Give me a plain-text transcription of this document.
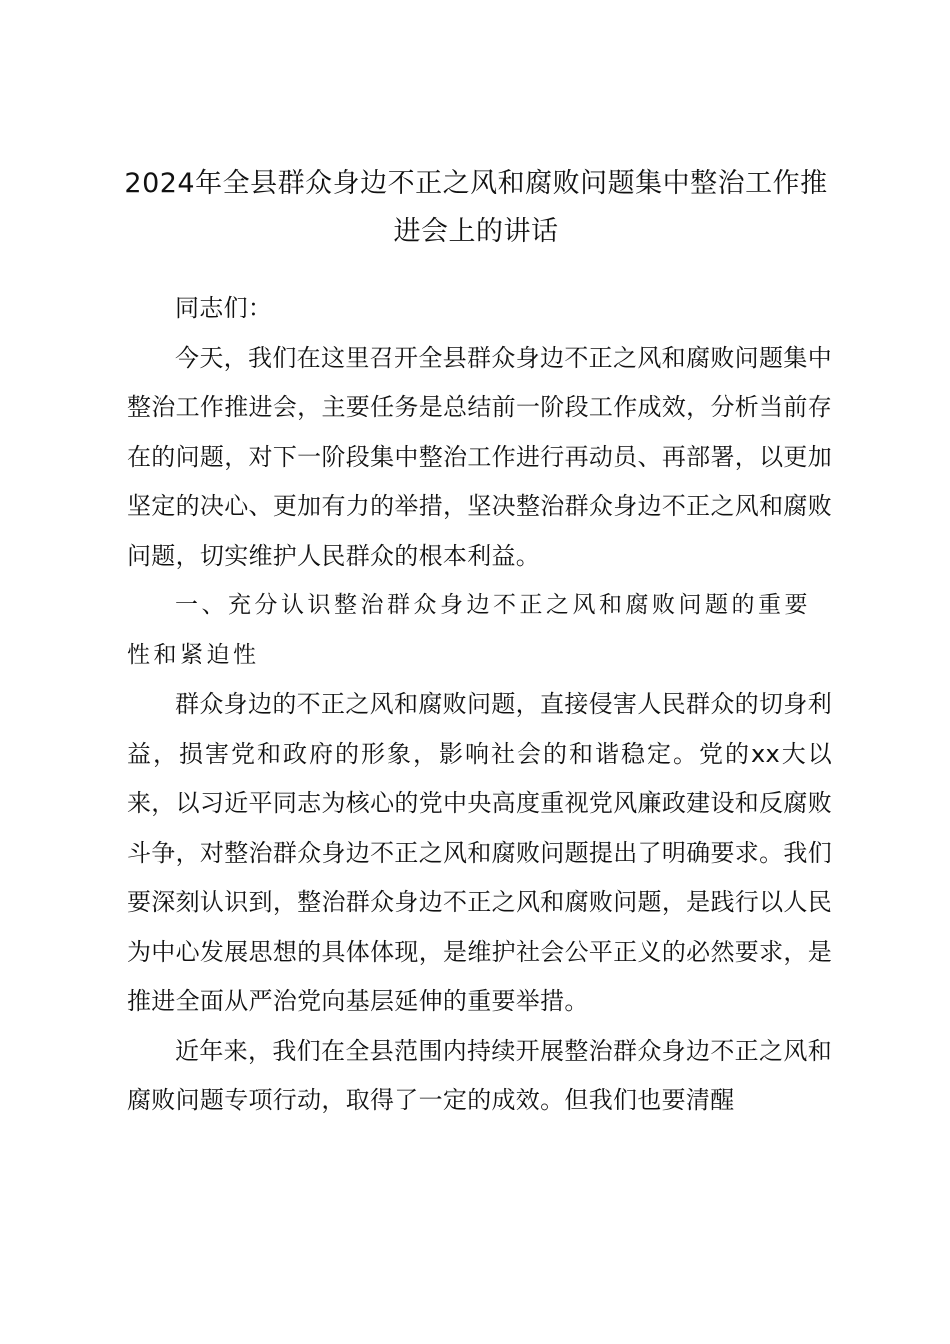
2024年全县群众身边不正之风和腐败问题集中整治工作推进会上的讲话

同志们：

今天，我们在这里召开全县群众身边不正之风和腐败问题集中整治工作推进会，主要任务是总结前一阶段工作成效，分析当前存在的问题，对下一阶段集中整治工作进行再动员、再部署，以更加坚定的决心、更加有力的举措，坚决整治群众身边不正之风和腐败问题，切实维护人民群众的根本利益。

一、充分认识整治群众身边不正之风和腐败问题的重要性和紧迫性

群众身边的不正之风和腐败问题，直接侵害人民群众的切身利益，损害党和政府的形象，影响社会的和谐稳定。党的xx大以来，以习近平同志为核心的党中央高度重视党风廉政建设和反腐败斗争，对整治群众身边不正之风和腐败问题提出了明确要求。我们要深刻认识到，整治群众身边不正之风和腐败问题，是践行以人民为中心发展思想的具体体现，是维护社会公平正义的必然要求，是推进全面从严治党向基层延伸的重要举措。

近年来，我们在全县范围内持续开展整治群众身边不正之风和腐败问题专项行动，取得了一定的成效。但我们也要清醒
